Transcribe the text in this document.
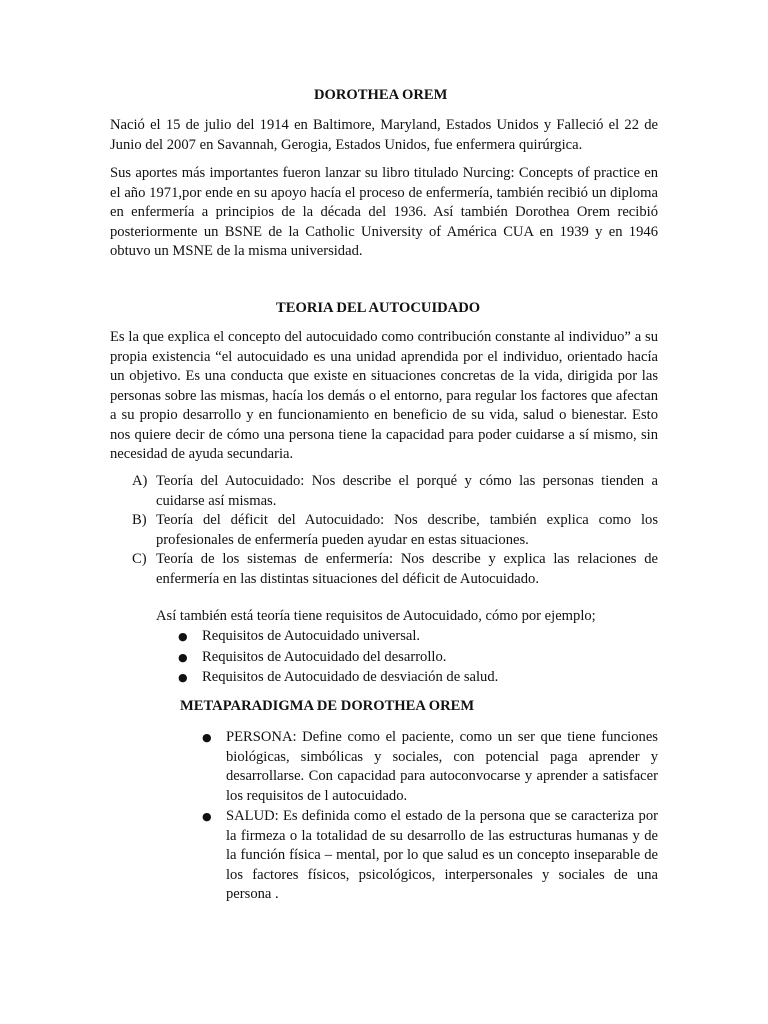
DOROTHEA OREM

Nació el 15 de julio del 1914 en Baltimore, Maryland, Estados Unidos y Falleció el 22 de Junio del 2007 en Savannah, Gerogia, Estados Unidos, fue enfermera quirúrgica.

Sus aportes más importantes fueron lanzar su libro titulado Nurcing: Concepts of practice en el año 1971,por ende en su apoyo hacía el proceso de enfermería, también recibió un diploma en enfermería a principios de la década del 1936. Así también Dorothea Orem recibió posteriormente un BSNE de la Catholic University of América CUA en 1939 y en 1946 obtuvo un MSNE de la misma universidad.

TEORIA DEL AUTOCUIDADO

Es la que explica el concepto del autocuidado como contribución constante al individuo” a su propia existencia “el autocuidado es una unidad aprendida por el individuo, orientado hacía un objetivo. Es una conducta que existe en situaciones concretas de la vida, dirigida por las personas sobre las mismas, hacía los demás o el entorno, para regular los factores que afectan a su propio desarrollo y en funcionamiento en beneficio de su vida, salud o bienestar. Esto nos quiere decir de cómo una persona tiene la capacidad para poder cuidarse a sí mismo, sin necesidad de ayuda secundaria.

A) Teoría del Autocuidado: Nos describe el porqué y cómo las personas tienden a cuidarse así mismas.
B) Teoría del déficit del Autocuidado: Nos describe, también explica como los profesionales de enfermería pueden ayudar en estas situaciones.
C) Teoría de los sistemas de enfermería: Nos describe y explica las relaciones de enfermería en las distintas situaciones del déficit de Autocuidado.
Así también está teoría tiene requisitos de Autocuidado, cómo por ejemplo;
● Requisitos de Autocuidado universal.
● Requisitos de Autocuidado del desarrollo.
● Requisitos de Autocuidado de desviación de salud.
METAPARADIGMA DE DOROTHEA OREM
● PERSONA: Define como el paciente, como un ser que tiene funciones biológicas, simbólicas y sociales, con potencial paga aprender y desarrollarse. Con capacidad para autoconvocarse y aprender a satisfacer los requisitos de l autocuidado.
● SALUD: Es definida como el estado de la persona que se caracteriza por la firmeza o la totalidad de su desarrollo de las estructuras humanas y de la función física – mental, por lo que salud es un concepto inseparable de los factores físicos, psicológicos, interpersonales y sociales de una persona .
